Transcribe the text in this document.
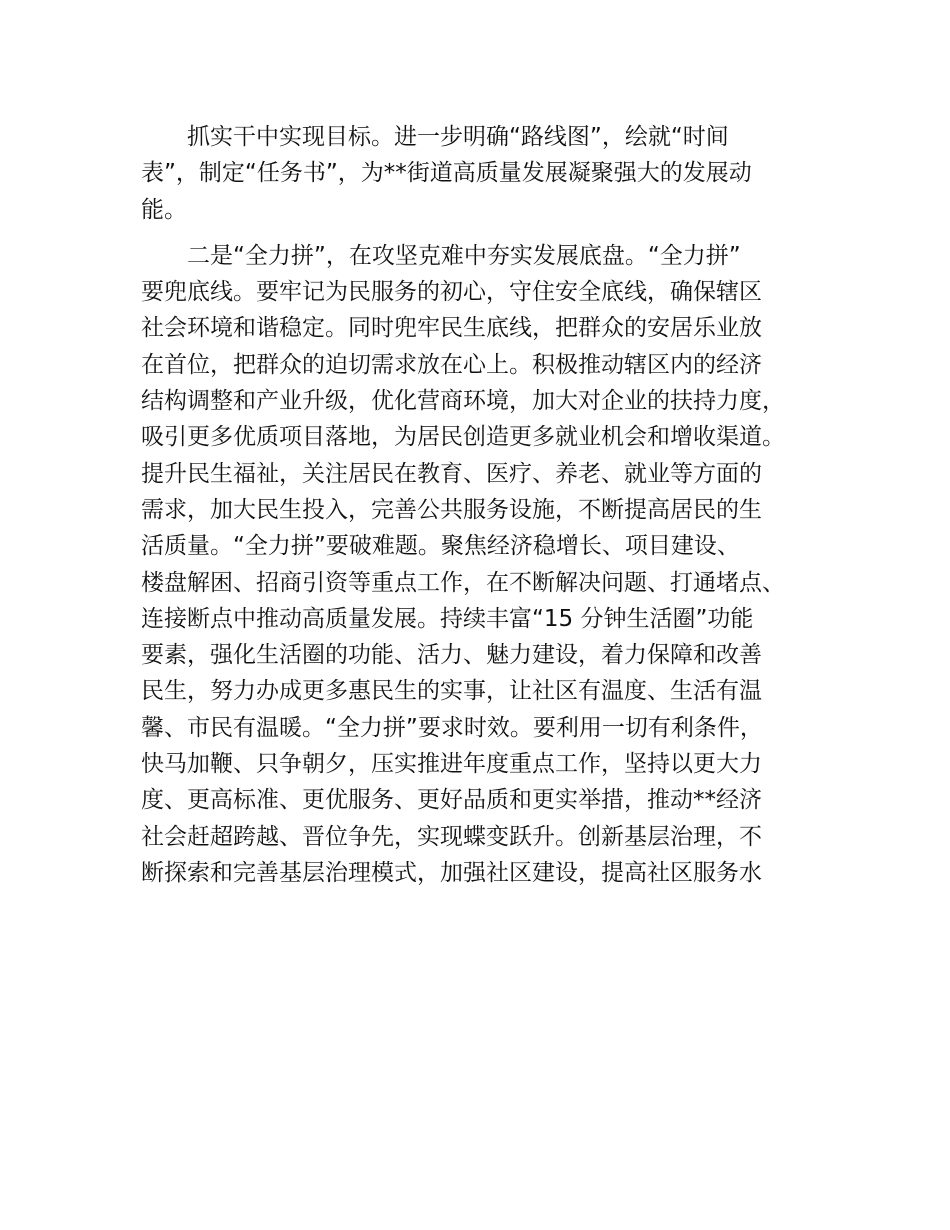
　　抓实干中实现目标。进一步明确“路线图”，绘就“时间
表”，制定“任务书”，为**街道高质量发展凝聚强大的发展动
能。
　　二是“全力拼”，在攻坚克难中夯实发展底盘。“全力拼”
要兜底线。要牢记为民服务的初心，守住安全底线，确保辖区
社会环境和谐稳定。同时兜牢民生底线，把群众的安居乐业放
在首位，把群众的迫切需求放在心上。积极推动辖区内的经济
结构调整和产业升级，优化营商环境，加大对企业的扶持力度，
吸引更多优质项目落地，为居民创造更多就业机会和增收渠道。
提升民生福祉，关注居民在教育、医疗、养老、就业等方面的
需求，加大民生投入，完善公共服务设施，不断提高居民的生
活质量。“全力拼”要破难题。聚焦经济稳增长、项目建设、
楼盘解困、招商引资等重点工作，在不断解决问题、打通堵点、
连接断点中推动高质量发展。持续丰富“15 分钟生活圈”功能
要素，强化生活圈的功能、活力、魅力建设，着力保障和改善
民生，努力办成更多惠民生的实事，让社区有温度、生活有温
馨、市民有温暖。“全力拼”要求时效。要利用一切有利条件，
快马加鞭、只争朝夕，压实推进年度重点工作，坚持以更大力
度、更高标准、更优服务、更好品质和更实举措，推动**经济
社会赶超跨越、晋位争先，实现蝶变跃升。创新基层治理，不
断探索和完善基层治理模式，加强社区建设，提高社区服务水
